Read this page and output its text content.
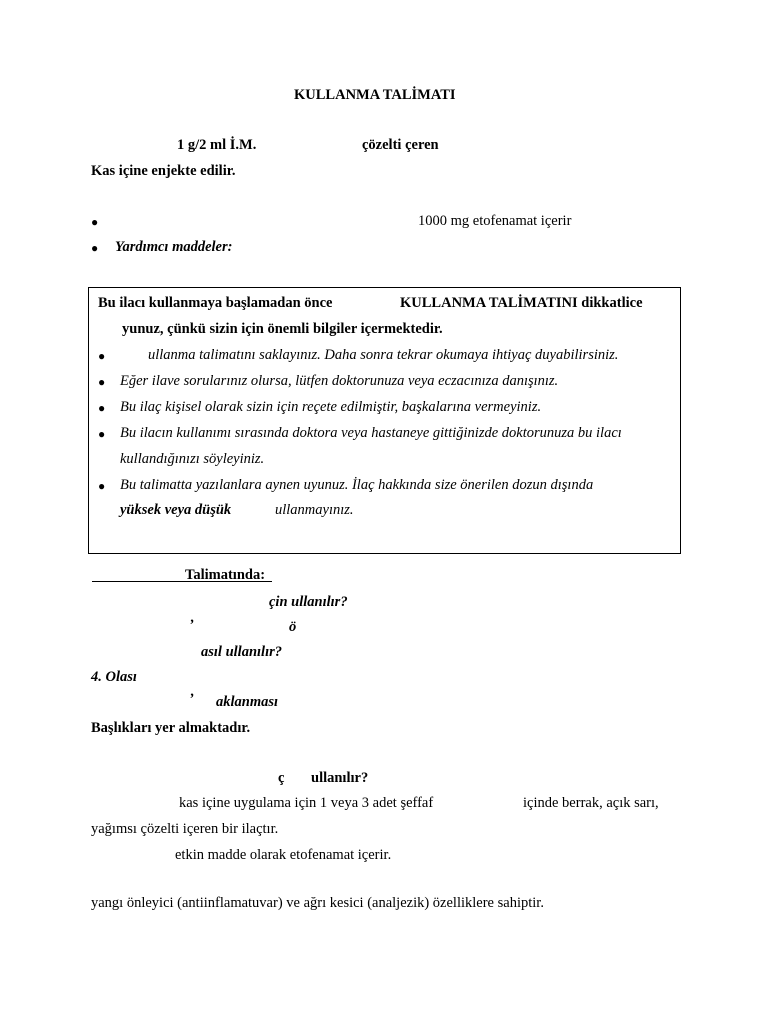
KULLANMA TALİMATI
1 g/2 ml İ.M.	çözelti çeren
Kas içine enjekte edilir.
●	1000 mg etofenamat içerir
● Yardımcı maddeler:
Bu ilacı kullanmaya başlamadan önce	KULLANMA TALİMATINI dikkatlice
yunuz, çünkü sizin için önemli bilgiler içermektedir.
●	ullanma talimatını saklayınız. Daha sonra tekrar okumaya ihtiyaç duyabilirsiniz.
● Eğer ilave sorularınız olursa, lütfen doktorunuza veya eczacınıza danışınız.
● Bu ilaç kişisel olarak sizin için reçete edilmiştir, başkalarına vermeyiniz.
● Bu ilacın kullanımı sırasında doktora veya hastaneye gittiğinizde doktorunuza bu ilacı
kullandığınızı söyleyiniz.
● Bu talimatta yazılanlara aynen uyunuz. İlaç hakkında size önerilen dozun dışında
yüksek veya düşük	ullanmayınız.
Talimatında:
çin ullanılır?
’	ö
asıl ullanılır?
4. Olası
’ aklanması
Başlıkları yer almaktadır.
ç ullanılır?
kas içine uygulama için 1 veya 3 adet şeffaf	içinde berrak, açık sarı,
yağımsı çözelti içeren bir ilaçtır.
etkin madde olarak etofenamat içerir.
yangı önleyici (antiinflamatuvar) ve ağrı kesici (analjezik) özelliklere sahiptir.
